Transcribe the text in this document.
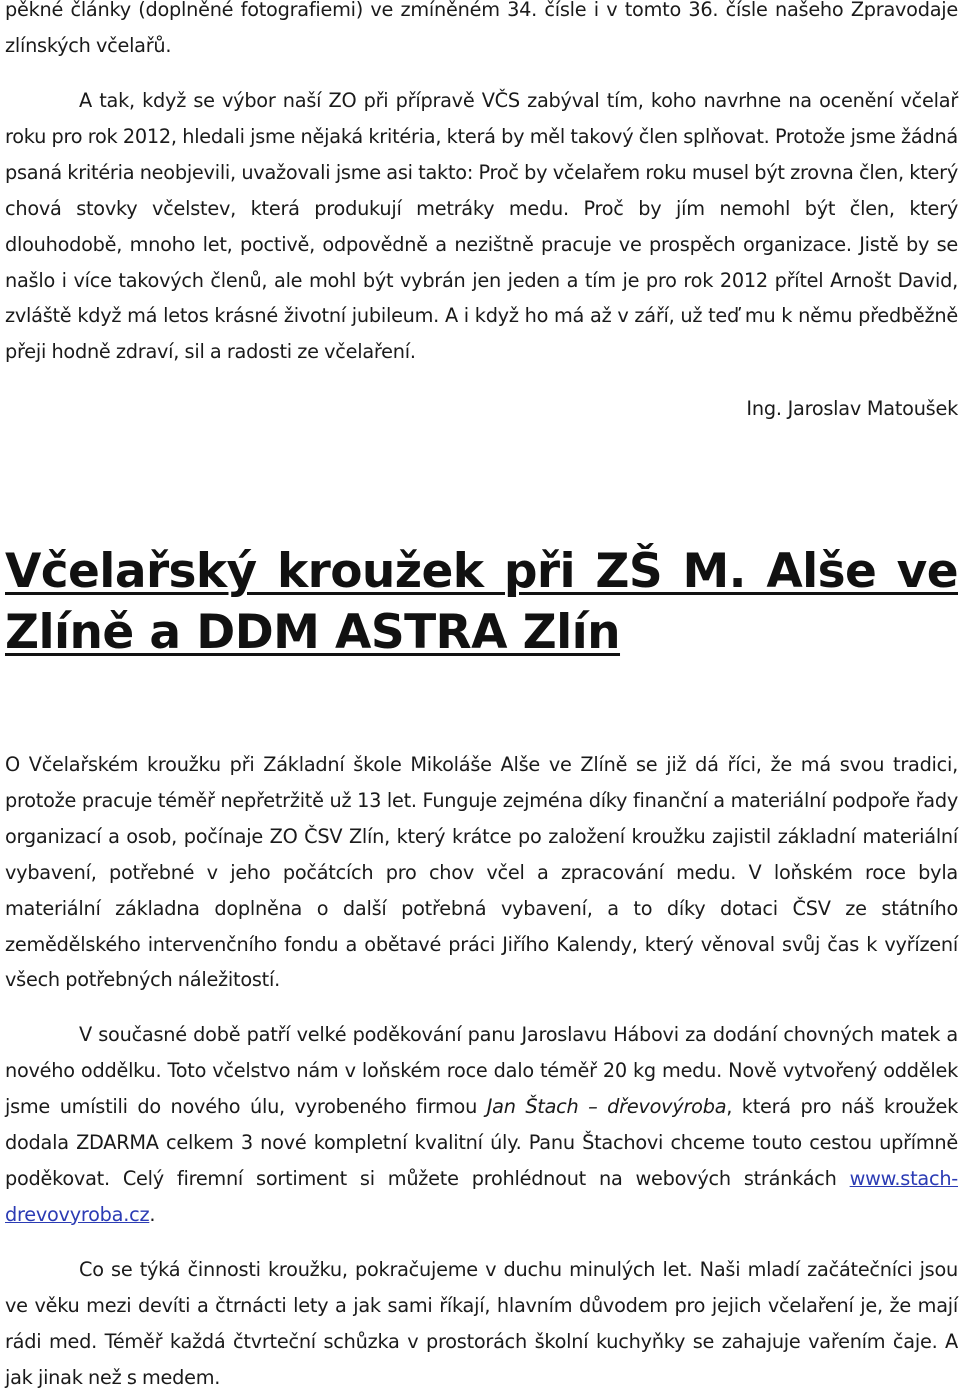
pěkné články (doplněné fotografiemi) ve zmíněném 34. čísle i v tomto 36. čísle našeho Zpravodaje zlínských včelařů.

A tak, když se výbor naší ZO při přípravě VČS zabýval tím, koho navrhne na ocenění včelař roku pro rok 2012, hledali jsme nějaká kritéria, která by měl takový člen splňovat. Protože jsme žádná psaná kritéria neobjevili, uvažovali jsme asi takto: Proč by včelařem roku musel být zrovna člen, který chová stovky včelstev, která produkují metráky medu. Proč by jím nemohl být člen, který dlouhodobě, mnoho let, poctivě, odpovědně a nezištně pracuje ve prospěch organizace. Jistě by se našlo i více takových členů, ale mohl být vybrán jen jeden a tím je pro rok 2012 přítel Arnošt David, zvláště když má letos krásné životní jubileum. A i když ho má až v září, už teď mu k němu předběžně přeji hodně zdraví, sil a radosti ze včelaření.

Ing. Jaroslav Matoušek
Včelařský kroužek při ZŠ M. Alše ve Zlíně a DDM ASTRA Zlín

O Včelařském kroužku při Základní škole Mikoláše Alše ve Zlíně se již dá říci, že má svou tradici, protože pracuje téměř nepřetržitě už 13 let. Funguje zejména díky finanční a materiální podpoře řady organizací a osob, počínaje ZO ČSV Zlín, který krátce po založení kroužku zajistil základní materiální vybavení, potřebné v jeho počátcích pro chov včel a zpracování medu. V loňském roce byla materiální základna doplněna o další potřebná vybavení, a to díky dotaci ČSV ze státního zemědělského intervenčního fondu a obětavé práci Jiřího Kalendy, který věnoval svůj čas k vyřízení všech potřebných náležitostí.

V současné době patří velké poděkování panu Jaroslavu Hábovi za dodání chovných matek a nového oddělku. Toto včelstvo nám v loňském roce dalo téměř 20 kg medu. Nově vytvořený oddělek jsme umístili do nového úlu, vyrobeného firmou Jan Štach – dřevovýroba, která pro náš kroužek dodala ZDARMA celkem 3 nové kompletní kvalitní úly. Panu Štachovi chceme touto cestou upřímně poděkovat. Celý firemní sortiment si můžete prohlédnout na webových stránkách www.stach-drevovyroba.cz.

Co se týká činnosti kroužku, pokračujeme v duchu minulých let. Naši mladí začátečníci jsou ve věku mezi devíti a čtrnácti lety a jak sami říkají, hlavním důvodem pro jejich včelaření je, že mají rádi med. Téměř každá čtvrteční schůzka v prostorách školní kuchyňky se zahajuje vařením čaje. A jak jinak než s medem.
